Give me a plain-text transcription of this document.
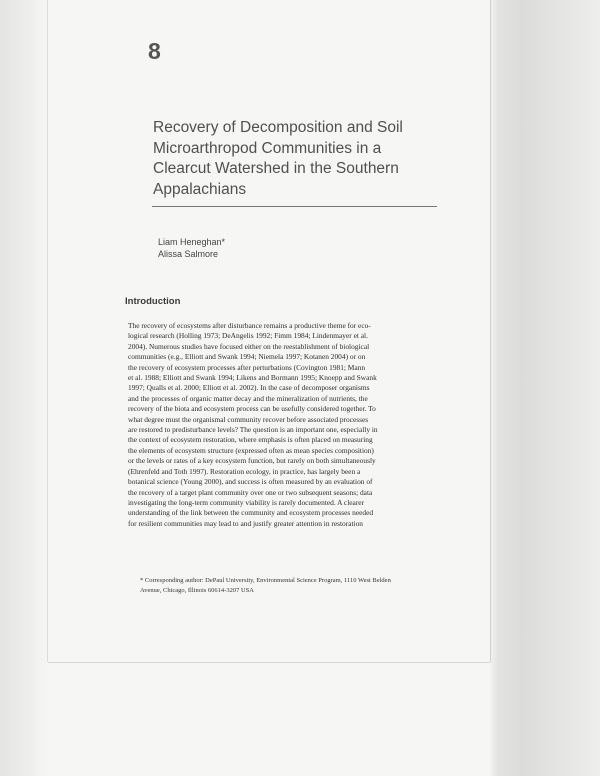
8
Recovery of Decomposition and Soil
Microarthropod Communities in a
Clearcut Watershed in the Southern
Appalachians
Liam Heneghan*
Alissa Salmore
Introduction
The recovery of ecosystems after disturbance remains a productive theme for eco-
logical research (Holling 1973; DeAngelis 1992; Fimm 1984; Lindenmayer et al.
2004). Numerous studies have focused either on the reestablishment of biological
communities (e.g., Elliott and Swank 1994; Niemela 1997; Kotanen 2004) or on
the recovery of ecosystem processes after perturbations (Covington 1981; Mann
et al. 1988; Elliott and Swank 1994; Likens and Bormann 1995; Knoepp and Swank
1997; Qualls et al. 2000; Elliott et al. 2002). In the case of decomposer organisms
and the processes of organic matter decay and the mineralization of nutrients, the
recovery of the biota and ecosystem process can be usefully considered together. To
what degree must the organismal community recover before associated processes
are restored to predisturbance levels? The question is an important one, especially in
the context of ecosystem restoration, where emphasis is often placed on measuring
the elements of ecosystem structure (expressed often as mean species composition)
or the levels or rates of a key ecosystem function, but rarely on both simultaneously
(Ehrenfeld and Toth 1997). Restoration ecology, in practice, has largely been a
botanical science (Young 2000), and success is often measured by an evaluation of
the recovery of a target plant community over one or two subsequent seasons; data
investigating the long-term community viability is rarely documented. A clearer
understanding of the link between the community and ecosystem processes needed
for resilient communities may lead to and justify greater attention in restoration
* Corresponding author: DePaul University, Environmental Science Program, 1110 West Belden
Avenue, Chicago, Illinois 60614-3207 USA
